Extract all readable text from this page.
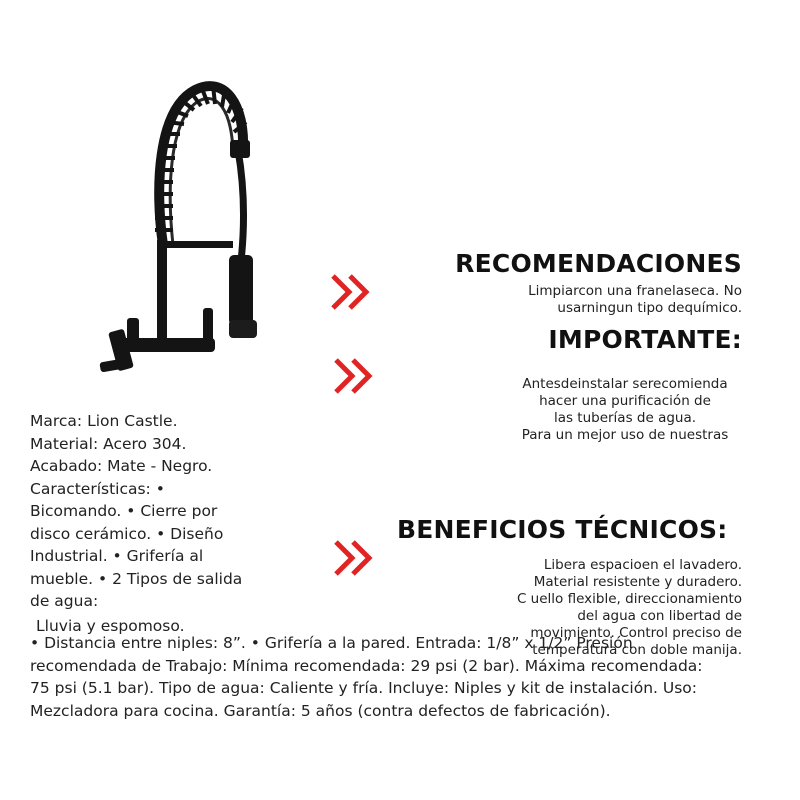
RECOMENDACIONES
Limpiarcon una franelaseca. No
usarningun tipo dequímico.
IMPORTANTE:
Antesdeinstalar serecomienda
hacer una purificación de
las tuberías de agua.
Para un mejor uso de nuestras
BENEFICIOS TÉCNICOS:
Libera espacioen el lavadero.
Material resistente y duradero.
C uello flexible, direccionamiento
del agua con libertad de
movimiento. Control preciso de
temperatura con doble manija.
Marca: Lion Castle.
Material: Acero 304.
Acabado: Mate - Negro.
Características: •
Bicomando. • Cierre por
disco cerámico. • Diseño
Industrial. • Grifería al
mueble. • 2 Tipos de salida
de agua:
Lluvia y espomoso.
• Distancia entre niples: 8”. • Grifería a la pared. Entrada: 1/8” x 1/2” Presión
recomendada de Trabajo: Mínima recomendada: 29 psi (2 bar). Máxima recomendada:
75 psi (5.1 bar). Tipo de agua: Caliente y fría. Incluye: Niples y kit de instalación. Uso:
Mezcladora para cocina. Garantía: 5 años (contra defectos de fabricación).
